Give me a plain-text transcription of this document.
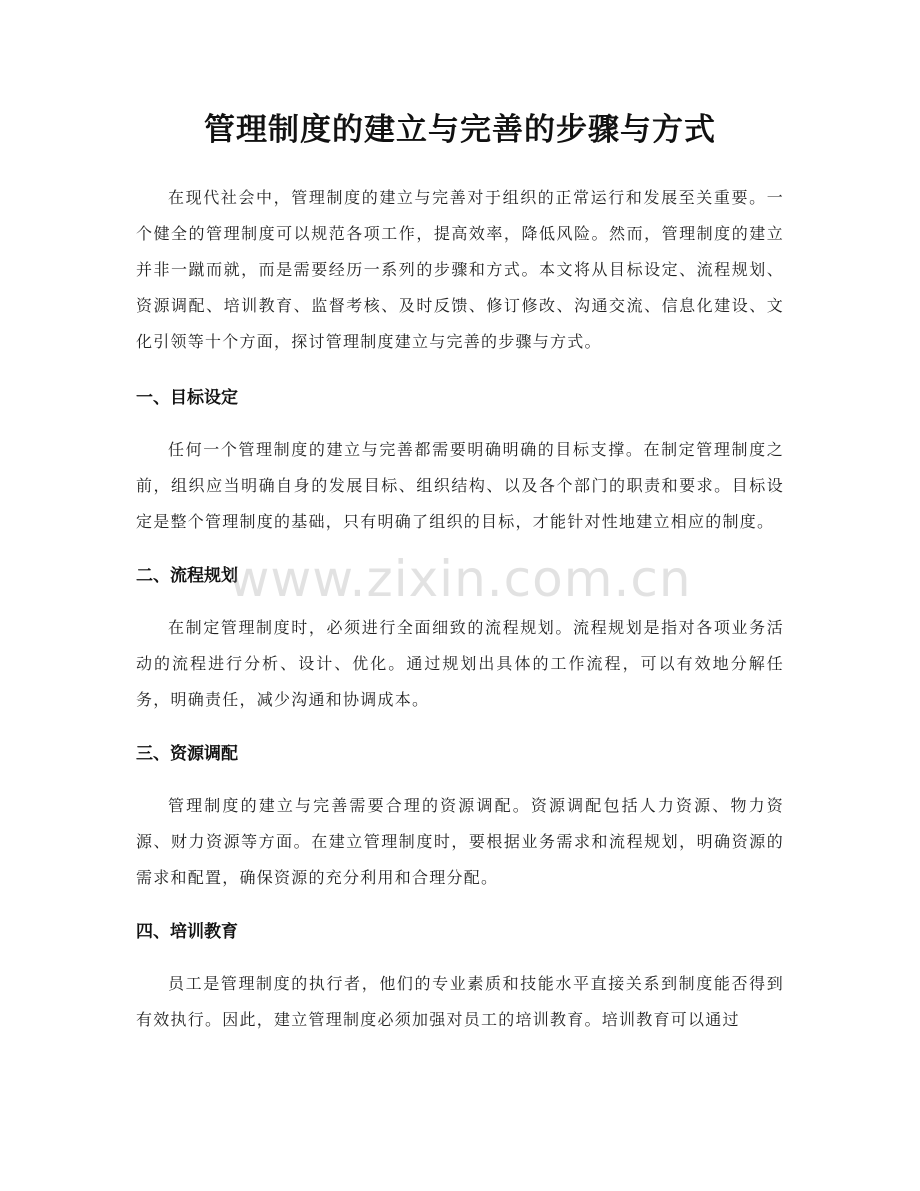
管理制度的建立与完善的步骤与方式

在现代社会中，管理制度的建立与完善对于组织的正常运行和发展至关重要。一个健全的管理制度可以规范各项工作，提高效率，降低风险。然而，管理制度的建立并非一蹴而就，而是需要经历一系列的步骤和方式。本文将从目标设定、流程规划、资源调配、培训教育、监督考核、及时反馈、修订修改、沟通交流、信息化建设、文化引领等十个方面，探讨管理制度建立与完善的步骤与方式。

一、目标设定

任何一个管理制度的建立与完善都需要明确明确的目标支撑。在制定管理制度之前，组织应当明确自身的发展目标、组织结构、以及各个部门的职责和要求。目标设定是整个管理制度的基础，只有明确了组织的目标，才能针对性地建立相应的制度。

二、流程规划

在制定管理制度时，必须进行全面细致的流程规划。流程规划是指对各项业务活动的流程进行分析、设计、优化。通过规划出具体的工作流程，可以有效地分解任务，明确责任，减少沟通和协调成本。

三、资源调配

管理制度的建立与完善需要合理的资源调配。资源调配包括人力资源、物力资源、财力资源等方面。在建立管理制度时，要根据业务需求和流程规划，明确资源的需求和配置，确保资源的充分利用和合理分配。

四、培训教育

员工是管理制度的执行者，他们的专业素质和技能水平直接关系到制度能否得到有效执行。因此，建立管理制度必须加强对员工的培训教育。培训教育可以通过

www.zixin.com.cn
